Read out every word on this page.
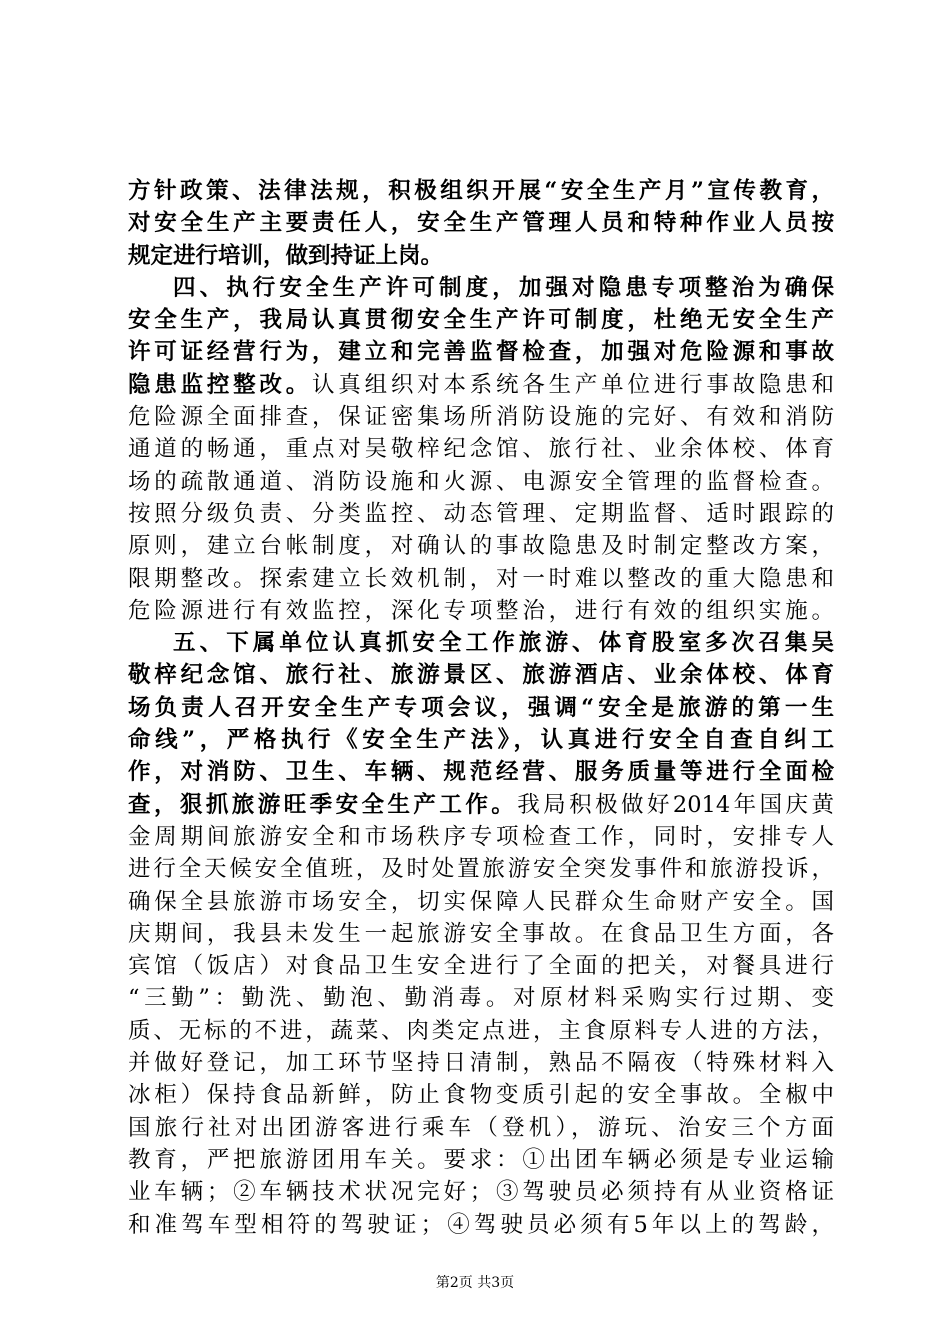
方针政策、法律法规，积极组织开展“安全生产月”宣传教育，
对安全生产主要责任人，安全生产管理人员和特种作业人员按
规定进行培训，做到持证上岗。
四、执行安全生产许可制度，加强对隐患专项整治为确保
安全生产，我局认真贯彻安全生产许可制度，杜绝无安全生产
许可证经营行为，建立和完善监督检查，加强对危险源和事故
隐患监控整改。认真组织对本系统各生产单位进行事故隐患和
危险源全面排查，保证密集场所消防设施的完好、有效和消防
通道的畅通，重点对吴敬梓纪念馆、旅行社、业余体校、体育
场的疏散通道、消防设施和火源、电源安全管理的监督检查。
按照分级负责、分类监控、动态管理、定期监督、适时跟踪的
原则，建立台帐制度，对确认的事故隐患及时制定整改方案，
限期整改。探索建立长效机制，对一时难以整改的重大隐患和
危险源进行有效监控，深化专项整治，进行有效的组织实施。
五、下属单位认真抓安全工作旅游、体育股室多次召集吴
敬梓纪念馆、旅行社、旅游景区、旅游酒店、业余体校、体育
场负责人召开安全生产专项会议，强调“安全是旅游的第一生
命线”，严格执行《安全生产法》，认真进行安全自查自纠工
作，对消防、卫生、车辆、规范经营、服务质量等进行全面检
查，狠抓旅游旺季安全生产工作。我局积极做好2014年国庆黄
金周期间旅游安全和市场秩序专项检查工作，同时，安排专人
进行全天候安全值班，及时处置旅游安全突发事件和旅游投诉，
确保全县旅游市场安全，切实保障人民群众生命财产安全。国
庆期间，我县未发生一起旅游安全事故。在食品卫生方面，各
宾馆（饭店）对食品卫生安全进行了全面的把关，对餐具进行
“三勤”：勤洗、勤泡、勤消毒。对原材料采购实行过期、变
质、无标的不进，蔬菜、肉类定点进，主食原料专人进的方法，
并做好登记，加工环节坚持日清制，熟品不隔夜（特殊材料入
冰柜）保持食品新鲜，防止食物变质引起的安全事故。全椒中
国旅行社对出团游客进行乘车（登机），游玩、治安三个方面
教育，严把旅游团用车关。要求：①出团车辆必须是专业运输
业车辆；②车辆技术状况完好；③驾驶员必须持有从业资格证
和准驾车型相符的驾驶证；④驾驶员必须有5年以上的驾龄，
第2页 共3页
